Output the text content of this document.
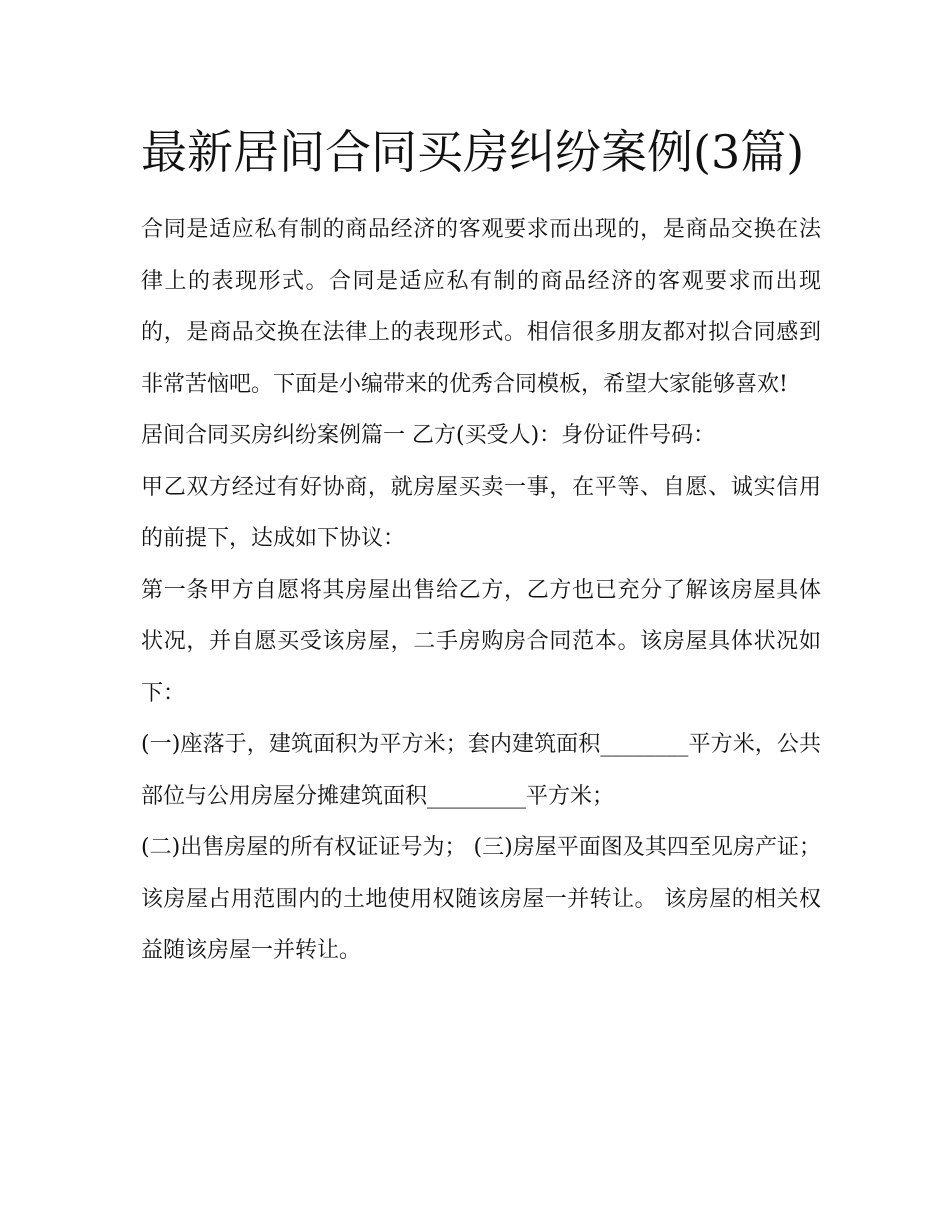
最新居间合同买房纠纷案例(3篇)

合同是适应私有制的商品经济的客观要求而出现的，是商品交换在法律上的表现形式。合同是适应私有制的商品经济的客观要求而出现的，是商品交换在法律上的表现形式。相信很多朋友都对拟合同感到非常苦恼吧。下面是小编带来的优秀合同模板，希望大家能够喜欢!

居间合同买房纠纷案例篇一 乙方(买受人)：身份证件号码：

甲乙双方经过有好协商，就房屋买卖一事，在平等、自愿、诚实信用的前提下，达成如下协议：

第一条甲方自愿将其房屋出售给乙方，乙方也已充分了解该房屋具体状况，并自愿买受该房屋，二手房购房合同范本。该房屋具体状况如下：

(一)座落于，建筑面积为平方米；套内建筑面积________平方米，公共部位与公用房屋分摊建筑面积_________平方米；

(二)出售房屋的所有权证证号为； (三)房屋平面图及其四至见房产证； 该房屋占用范围内的土地使用权随该房屋一并转让。 该房屋的相关权益随该房屋一并转让。
